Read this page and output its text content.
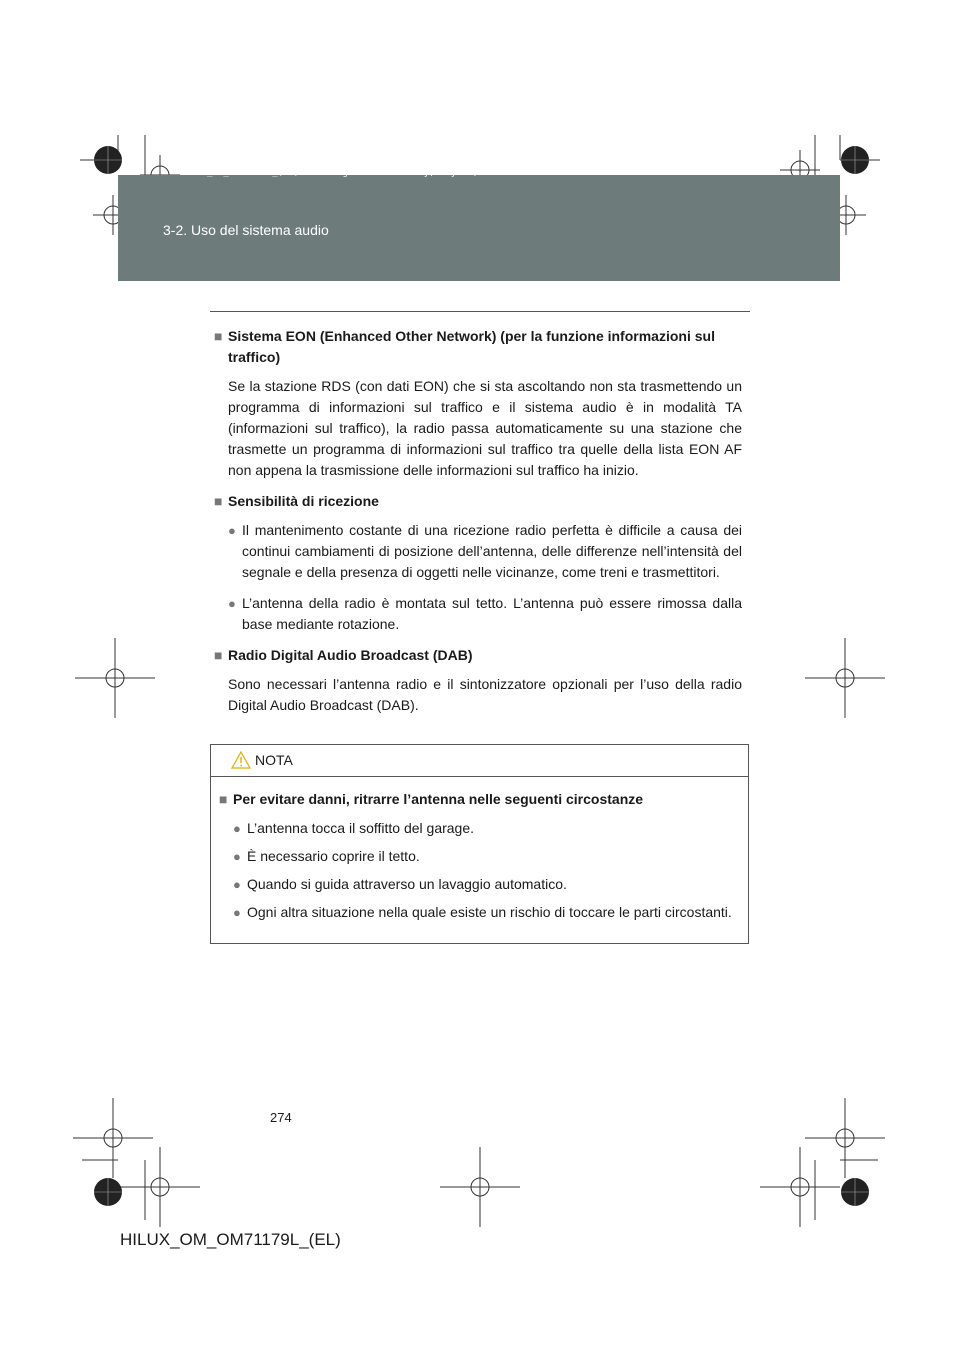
HILUX_OM_OM71179L_(EL).book Page 274 Wednesday, May 16, 2012 11:37 AM
3-2. Uso del sistema audio
■ Sistema EON (Enhanced Other Network) (per la funzione informazioni sul traffico)
Se la stazione RDS (con dati EON) che si sta ascoltando non sta trasmettendo un programma di informazioni sul traffico e il sistema audio è in modalità TA (informazioni sul traffico), la radio passa automaticamente su una stazione che trasmette un programma di informazioni sul traffico tra quelle della lista EON AF non appena la trasmissione delle informazioni sul traffico ha inizio.
■ Sensibilità di ricezione
● Il mantenimento costante di una ricezione radio perfetta è difficile a causa dei continui cambiamenti di posizione dell’antenna, delle differenze nell’intensità del segnale e della presenza di oggetti nelle vicinanze, come treni e trasmettitori.
● L’antenna della radio è montata sul tetto. L’antenna può essere rimossa dalla base mediante rotazione.
■ Radio Digital Audio Broadcast (DAB)
Sono necessari l’antenna radio e il sintonizzatore opzionali per l’uso della radio Digital Audio Broadcast (DAB).
NOTA
■ Per evitare danni, ritrarre l’antenna nelle seguenti circostanze
● L’antenna tocca il soffitto del garage.
● È necessario coprire il tetto.
● Quando si guida attraverso un lavaggio automatico.
● Ogni altra situazione nella quale esiste un rischio di toccare le parti circostanti.
274
HILUX_OM_OM71179L_(EL)
